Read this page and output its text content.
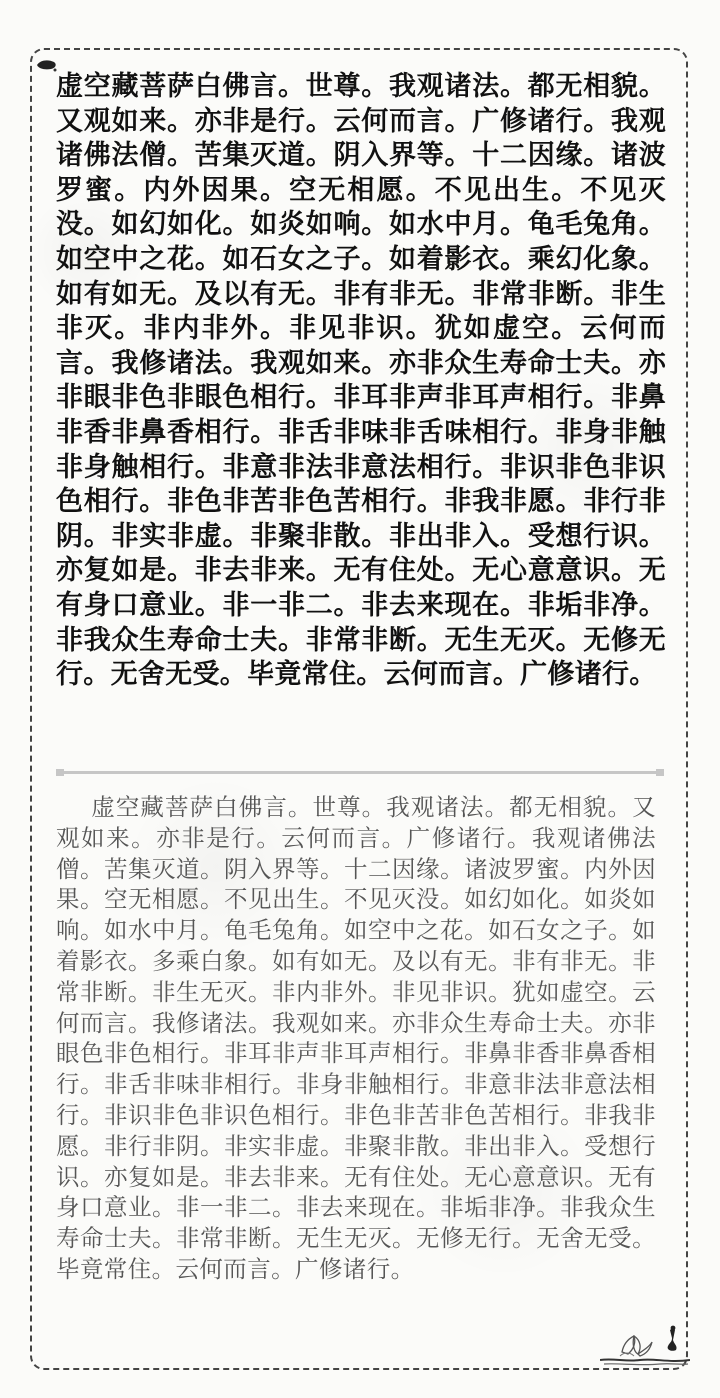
虚空藏菩萨白佛言。世尊。我观诸法。都无相貌。又观如来。亦非是行。云何而言。广修诸行。我观诸佛法僧。苦集灭道。阴入界等。十二因缘。诸波罗蜜。内外因果。空无相愿。不见出生。不见灭没。如幻如化。如炎如响。如水中月。龟毛兔角。如空中之花。如石女之子。如着影衣。乘幻化象。如有如无。及以有无。非有非无。非常非断。非生非灭。非内非外。非见非识。犹如虚空。云何而言。我修诸法。我观如来。亦非众生寿命士夫。亦非眼非色非眼色相行。非耳非声非耳声相行。非鼻非香非鼻香相行。非舌非味非舌味相行。非身非触非身触相行。非意非法非意法相行。非识非色非识色相行。非色非苦非色苦相行。非我非愿。非行非阴。非实非虚。非聚非散。非出非入。受想行识。亦复如是。非去非来。无有住处。无心意意识。无有身口意业。非一非二。非去来现在。非垢非净。非我众生寿命士夫。非常非断。无生无灭。无修无行。无舍无受。毕竟常住。云何而言。广修诸行。

虚空藏菩萨白佛言。世尊。我观诸法。都无相貌。又观如来。亦非是行。云何而言。广修诸行。我观诸佛法僧。苦集灭道。阴入界等。十二因缘。诸波罗蜜。内外因果。空无相愿。不见出生。不见灭没。如幻如化。如炎如响。如水中月。龟毛兔角。如空中之花。如石女之子。如着影衣。多乘白象。如有如无。及以有无。非有非无。非常非断。非生无灭。非内非外。非见非识。犹如虚空。云何而言。我修诸法。我观如来。亦非众生寿命士夫。亦非眼色非色相行。非耳非声非耳声相行。非鼻非香非鼻香相行。非舌非味非相行。非身非触相行。非意非法非意法相行。非识非色非识色相行。非色非苦非色苦相行。非我非愿。非行非阴。非实非虚。非聚非散。非出非入。受想行识。亦复如是。非去非来。无有住处。无心意意识。无有身口意业。非一非二。非去来现在。非垢非净。非我众生寿命士夫。非常非断。无生无灭。无修无行。无舍无受。毕竟常住。云何而言。广修诸行。
